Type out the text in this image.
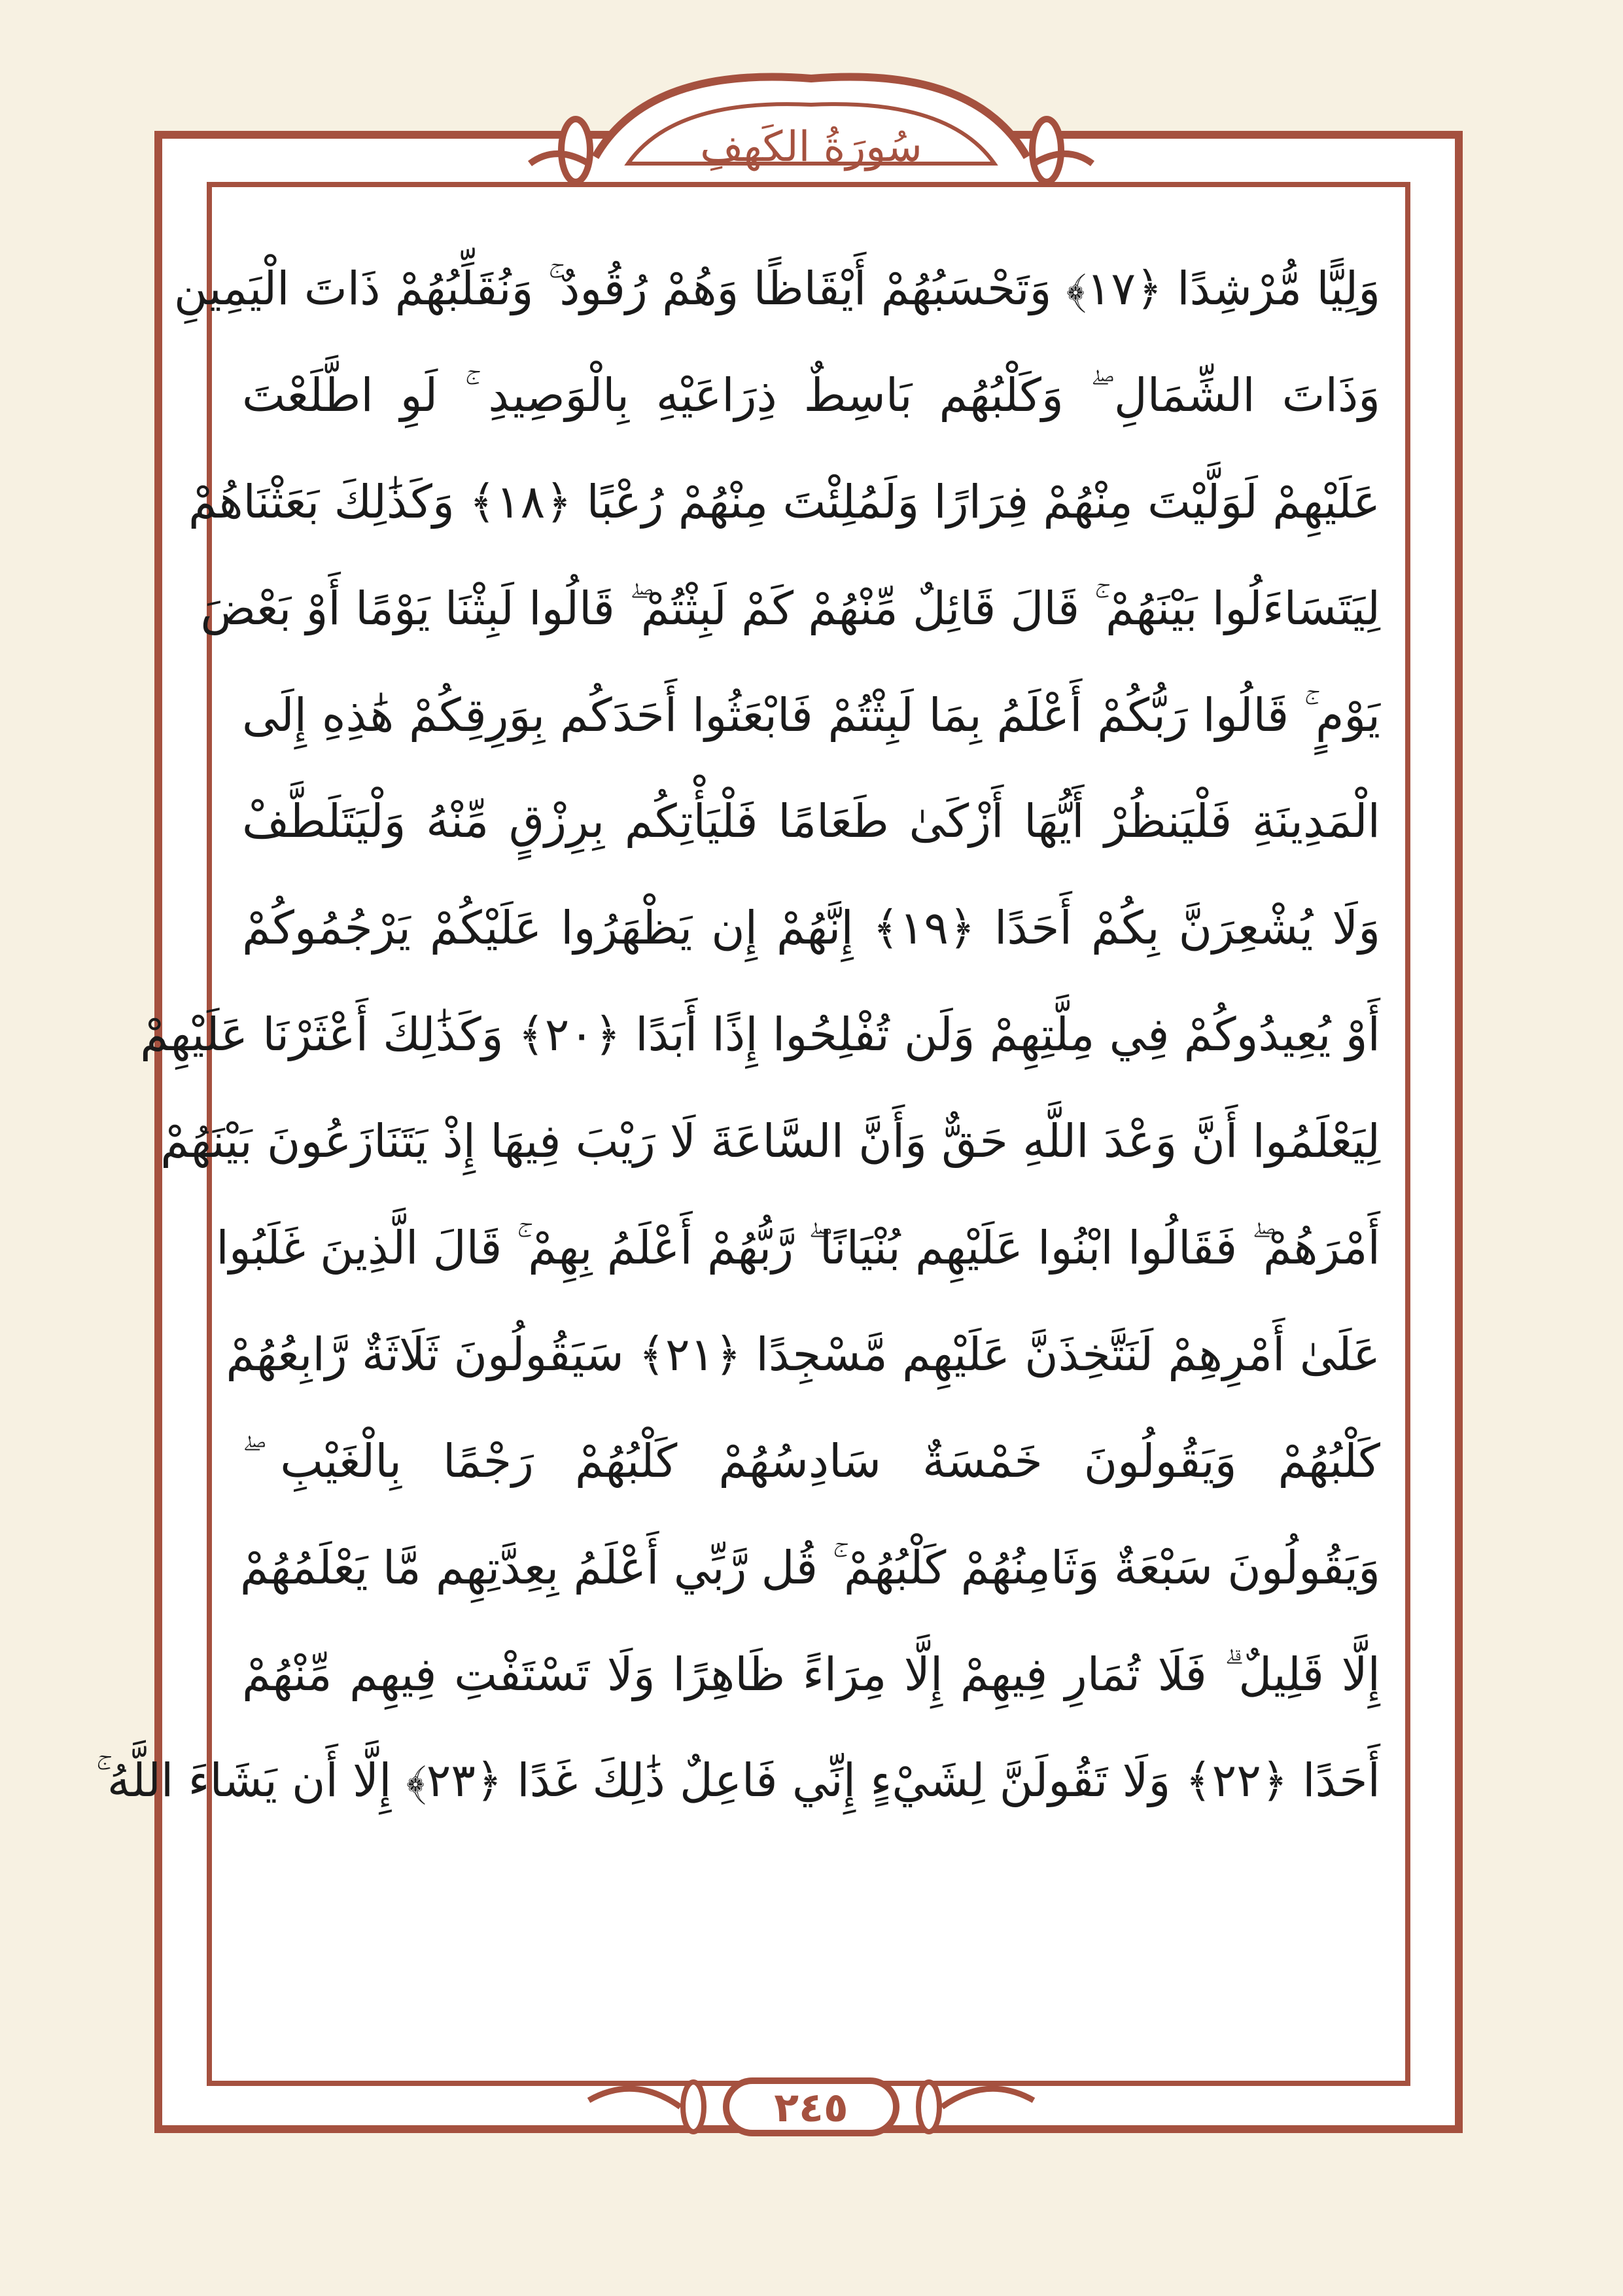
سُورَةُ الكَهفِ
٢٤٥
وَلِيًّا مُّرْشِدًا ﴿١٧﴾ وَتَحْسَبُهُمْ أَيْقَاظًا وَهُمْ رُقُودٌ ۚ وَنُقَلِّبُهُمْ ذَاتَ الْيَمِينِ
وَذَاتَ الشِّمَالِ ۖ وَكَلْبُهُم بَاسِطٌ ذِرَاعَيْهِ بِالْوَصِيدِ ۚ لَوِ اطَّلَعْتَ
عَلَيْهِمْ لَوَلَّيْتَ مِنْهُمْ فِرَارًا وَلَمُلِئْتَ مِنْهُمْ رُعْبًا ﴿١٨﴾ وَكَذَٰلِكَ بَعَثْنَاهُمْ
لِيَتَسَاءَلُوا بَيْنَهُمْ ۚ قَالَ قَائِلٌ مِّنْهُمْ كَمْ لَبِثْتُمْ ۖ قَالُوا لَبِثْنَا يَوْمًا أَوْ بَعْضَ
يَوْمٍ ۚ قَالُوا رَبُّكُمْ أَعْلَمُ بِمَا لَبِثْتُمْ فَابْعَثُوا أَحَدَكُم بِوَرِقِكُمْ هَٰذِهِ إِلَى
الْمَدِينَةِ فَلْيَنظُرْ أَيُّهَا أَزْكَىٰ طَعَامًا فَلْيَأْتِكُم بِرِزْقٍ مِّنْهُ وَلْيَتَلَطَّفْ
وَلَا يُشْعِرَنَّ بِكُمْ أَحَدًا ﴿١٩﴾ إِنَّهُمْ إِن يَظْهَرُوا عَلَيْكُمْ يَرْجُمُوكُمْ
أَوْ يُعِيدُوكُمْ فِي مِلَّتِهِمْ وَلَن تُفْلِحُوا إِذًا أَبَدًا ﴿٢٠﴾ وَكَذَٰلِكَ أَعْثَرْنَا عَلَيْهِمْ
لِيَعْلَمُوا أَنَّ وَعْدَ اللَّهِ حَقٌّ وَأَنَّ السَّاعَةَ لَا رَيْبَ فِيهَا إِذْ يَتَنَازَعُونَ بَيْنَهُمْ
أَمْرَهُمْ ۖ فَقَالُوا ابْنُوا عَلَيْهِم بُنْيَانًا ۖ رَّبُّهُمْ أَعْلَمُ بِهِمْ ۚ قَالَ الَّذِينَ غَلَبُوا
عَلَىٰ أَمْرِهِمْ لَنَتَّخِذَنَّ عَلَيْهِم مَّسْجِدًا ﴿٢١﴾ سَيَقُولُونَ ثَلَاثَةٌ رَّابِعُهُمْ
كَلْبُهُمْ وَيَقُولُونَ خَمْسَةٌ سَادِسُهُمْ كَلْبُهُمْ رَجْمًا بِالْغَيْبِ ۖ
وَيَقُولُونَ سَبْعَةٌ وَثَامِنُهُمْ كَلْبُهُمْ ۚ قُل رَّبِّي أَعْلَمُ بِعِدَّتِهِم مَّا يَعْلَمُهُمْ
إِلَّا قَلِيلٌ ۗ فَلَا تُمَارِ فِيهِمْ إِلَّا مِرَاءً ظَاهِرًا وَلَا تَسْتَفْتِ فِيهِم مِّنْهُمْ
أَحَدًا ﴿٢٢﴾ وَلَا تَقُولَنَّ لِشَيْءٍ إِنِّي فَاعِلٌ ذَٰلِكَ غَدًا ﴿٢٣﴾ إِلَّا أَن يَشَاءَ اللَّهُ ۚ
